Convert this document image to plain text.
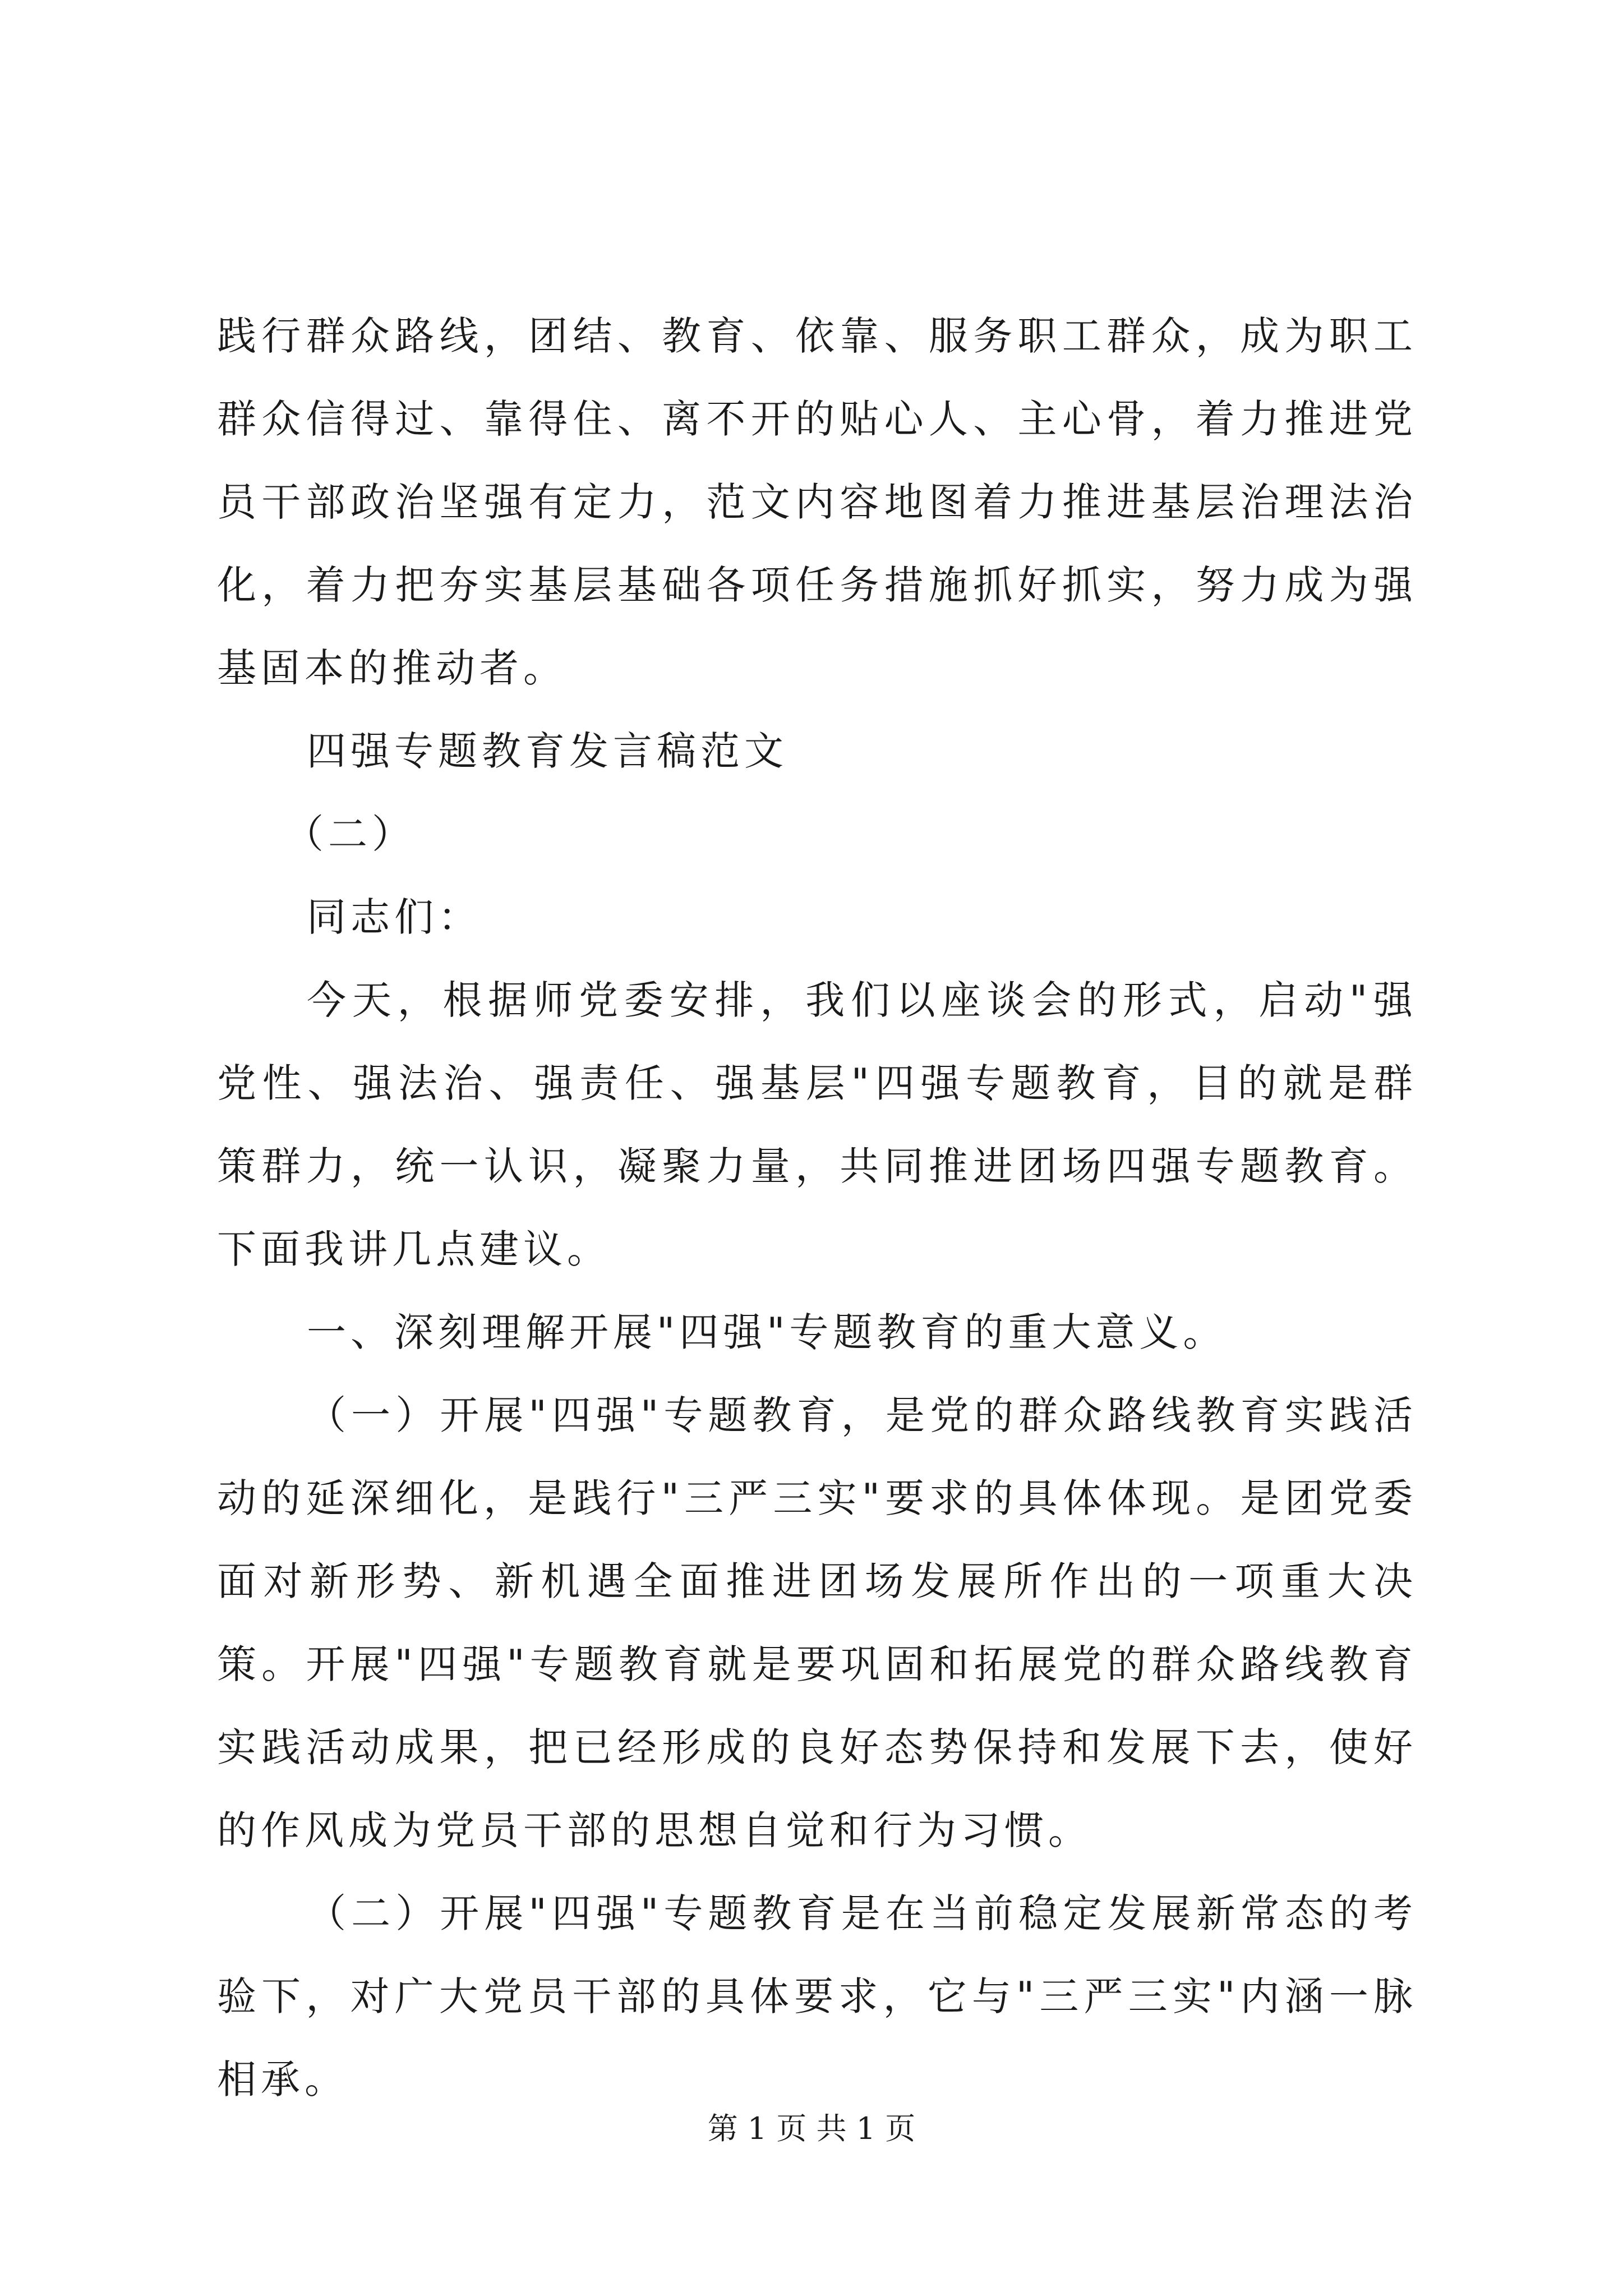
践行群众路线，团结、教育、依靠、服务职工群众，成为职工群众信得过、靠得住、离不开的贴心人、主心骨，着力推进党员干部政治坚强有定力，范文内容地图着力推进基层治理法治化，着力把夯实基层基础各项任务措施抓好抓实，努力成为强基固本的推动者。

四强专题教育发言稿范文

（二）

同志们：

今天，根据师党委安排，我们以座谈会的形式，启动"强党性、强法治、强责任、强基层"四强专题教育，目的就是群策群力，统一认识，凝聚力量，共同推进团场四强专题教育。下面我讲几点建议。

一、深刻理解开展"四强"专题教育的重大意义。

（一）开展"四强"专题教育，是党的群众路线教育实践活动的延深细化，是践行"三严三实"要求的具体体现。是团党委面对新形势、新机遇全面推进团场发展所作出的一项重大决策。开展"四强"专题教育就是要巩固和拓展党的群众路线教育实践活动成果，把已经形成的良好态势保持和发展下去，使好的作风成为党员干部的思想自觉和行为习惯。

（二）开展"四强"专题教育是在当前稳定发展新常态的考验下，对广大党员干部的具体要求，它与"三严三实"内涵一脉相承。

第 1 页 共 1 页
